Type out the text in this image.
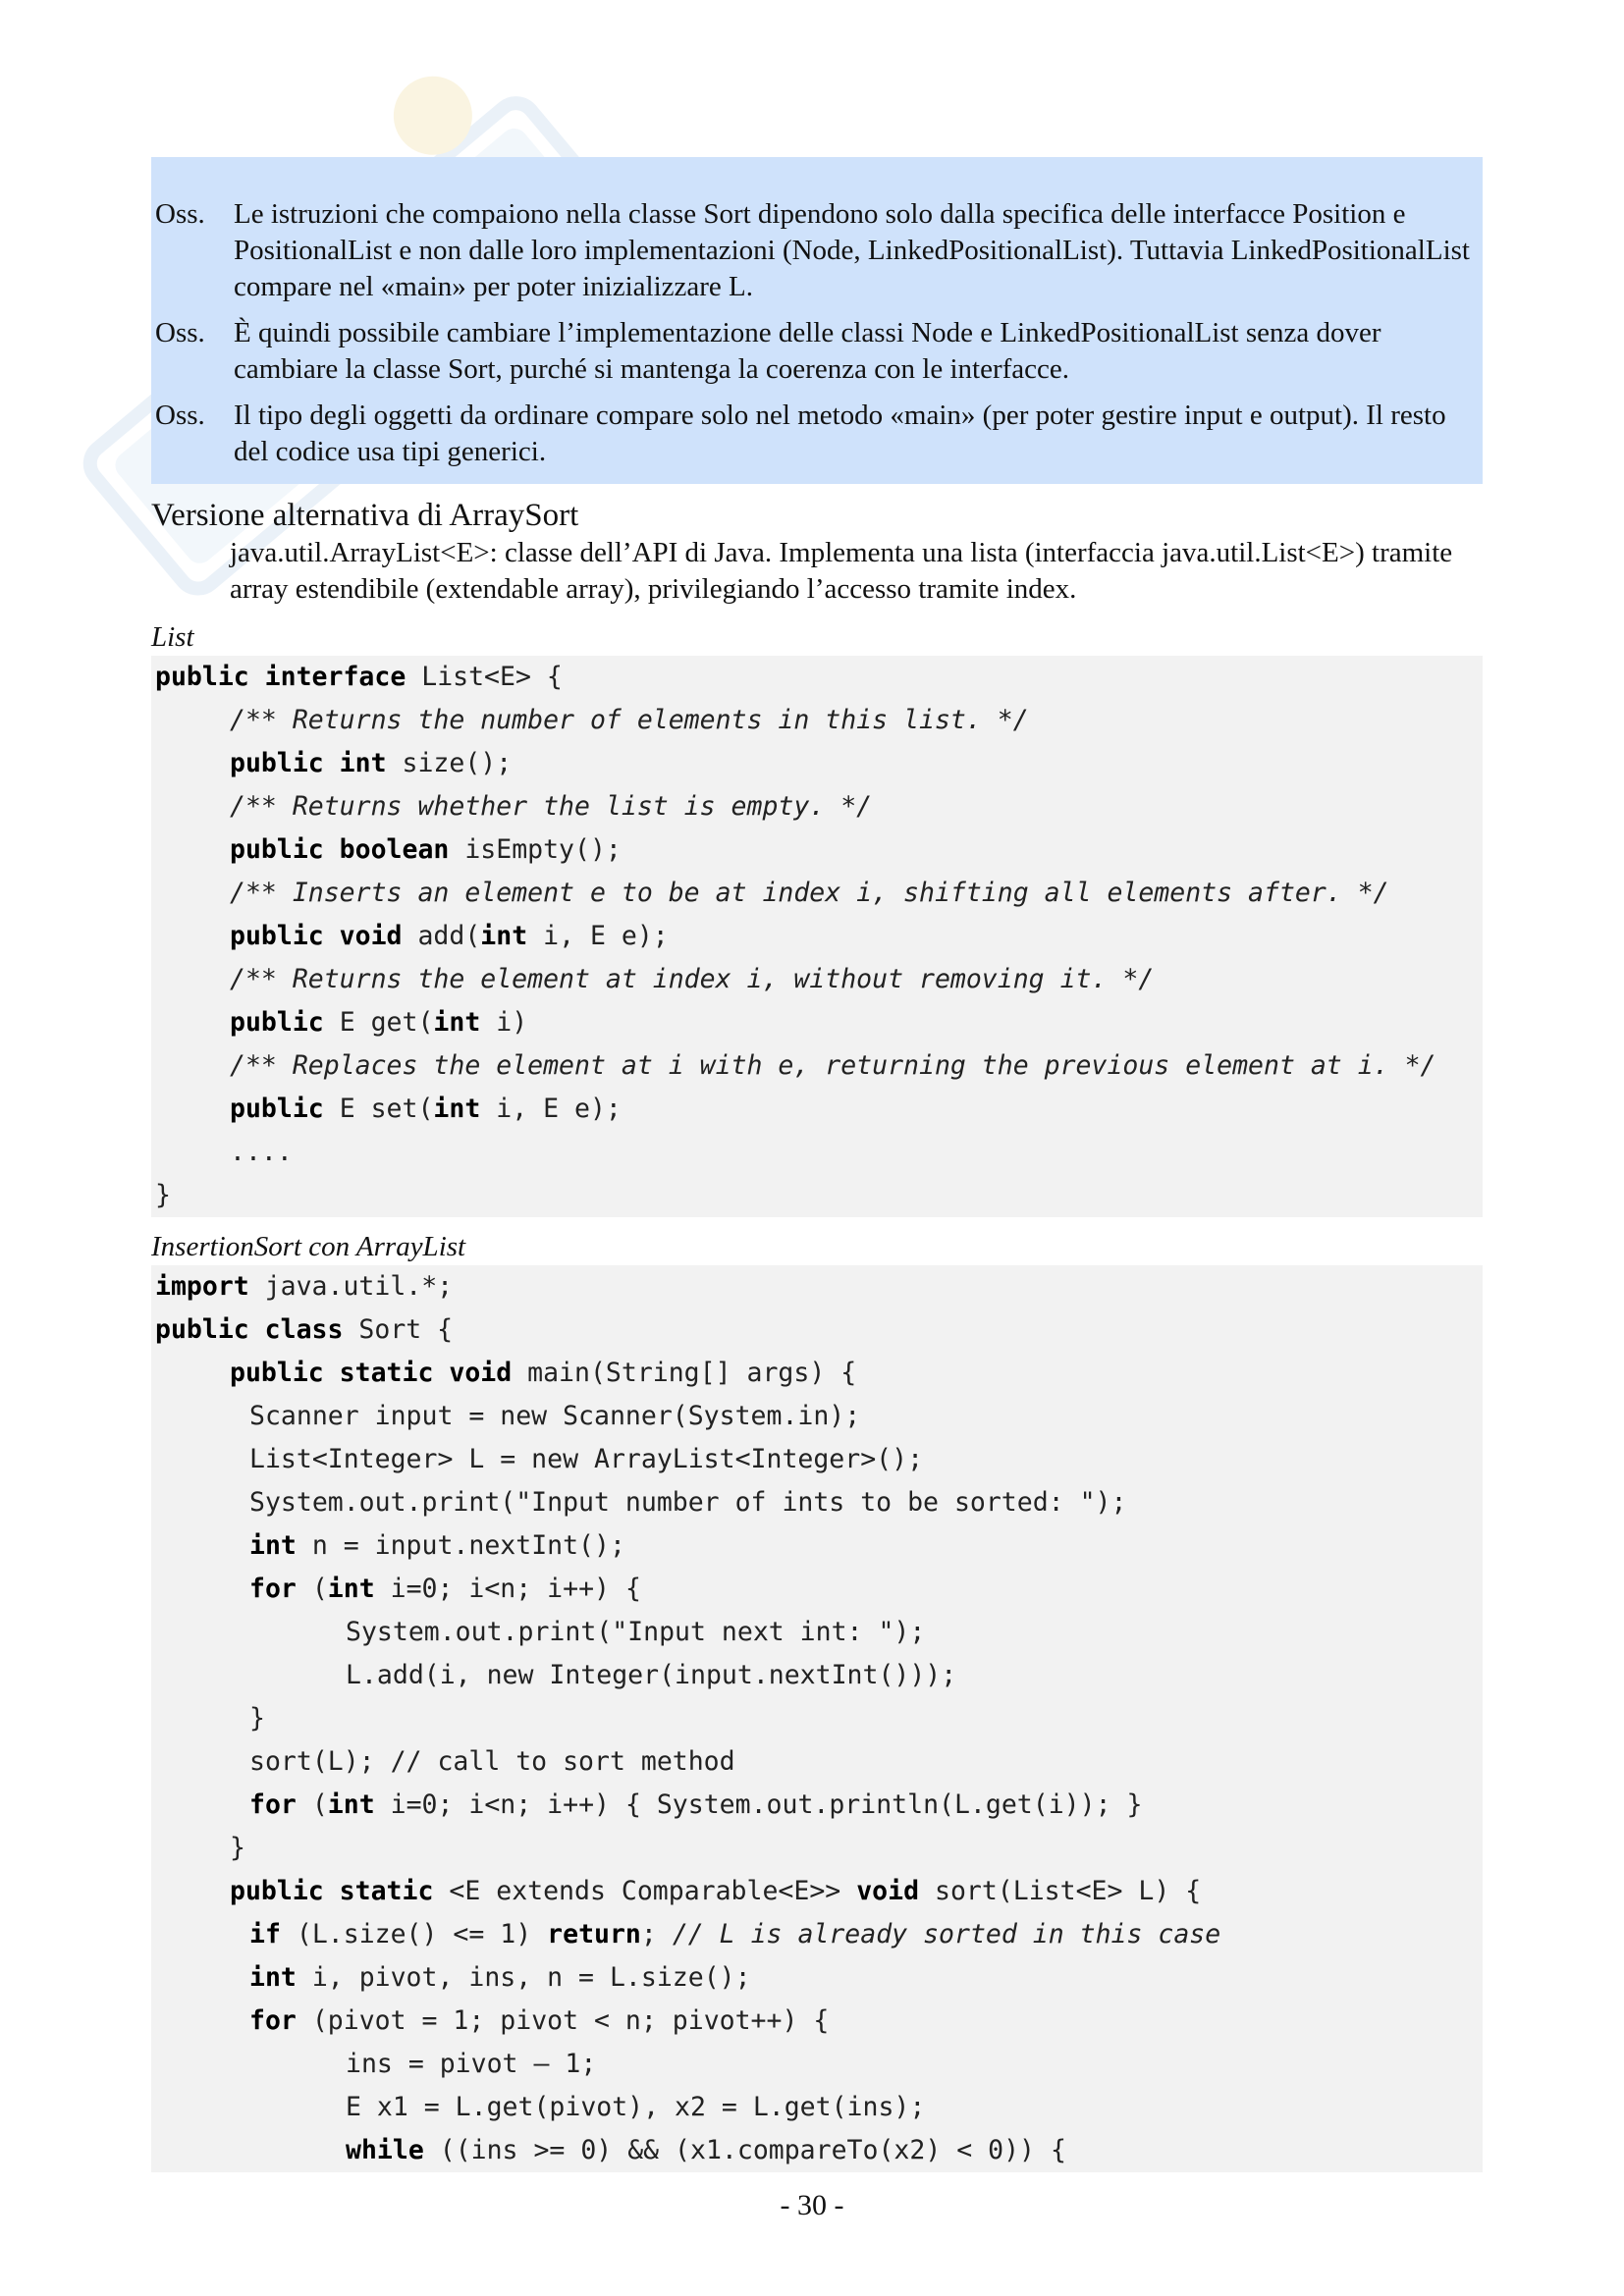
Oss.	Le istruzioni che compaiono nella classe Sort dipendono solo dalla specifica delle interfacce Position e PositionalList e non dalle loro implementazioni (Node, LinkedPositionalList). Tuttavia LinkedPositionalList compare nel «main» per poter inizializzare L.
Oss.	È quindi possibile cambiare l’implementazione delle classi Node e LinkedPositionalList senza dover cambiare la classe Sort, purché si mantenga la coerenza con le interfacce.
Oss.	Il tipo degli oggetti da ordinare compare solo nel metodo «main» (per poter gestire input e output). Il resto del codice usa tipi generici.
Versione alternativa di ArraySort
java.util.ArrayList<E>: classe dell’API di Java. Implementa una lista (interfaccia java.util.List<E>) tramite array estendibile (extendable array), privilegiando l’accesso tramite index.
List
public interface List<E> {
/** Returns the number of elements in this list. */
public int size();
/** Returns whether the list is empty. */
public boolean isEmpty();
/** Inserts an element e to be at index i, shifting all elements after. */
public void add(int i, E e);
/** Returns the element at index i, without removing it. */
public E get(int i)
/** Replaces the element at i with e, returning the previous element at i. */
public E set(int i, E e);
....
}
InsertionSort con ArrayList
import java.util.*;
public class Sort {
public static void main(String[] args) {
Scanner input = new Scanner(System.in);
List<Integer> L = new ArrayList<Integer>();
System.out.print("Input number of ints to be sorted: ");
int n = input.nextInt();
for (int i=0; i<n; i++) {
System.out.print("Input next int: ");
L.add(i, new Integer(input.nextInt()));
}
sort(L); // call to sort method
for (int i=0; i<n; i++) { System.out.println(L.get(i)); }
}
public static <E extends Comparable<E>> void sort(List<E> L) {
if (L.size() <= 1) return; // L is already sorted in this case
int i, pivot, ins, n = L.size();
for (pivot = 1; pivot < n; pivot++) {
ins = pivot – 1;
E x1 = L.get(pivot), x2 = L.get(ins);
while ((ins >= 0) && (x1.compareTo(x2) < 0)) {
- 30 -
